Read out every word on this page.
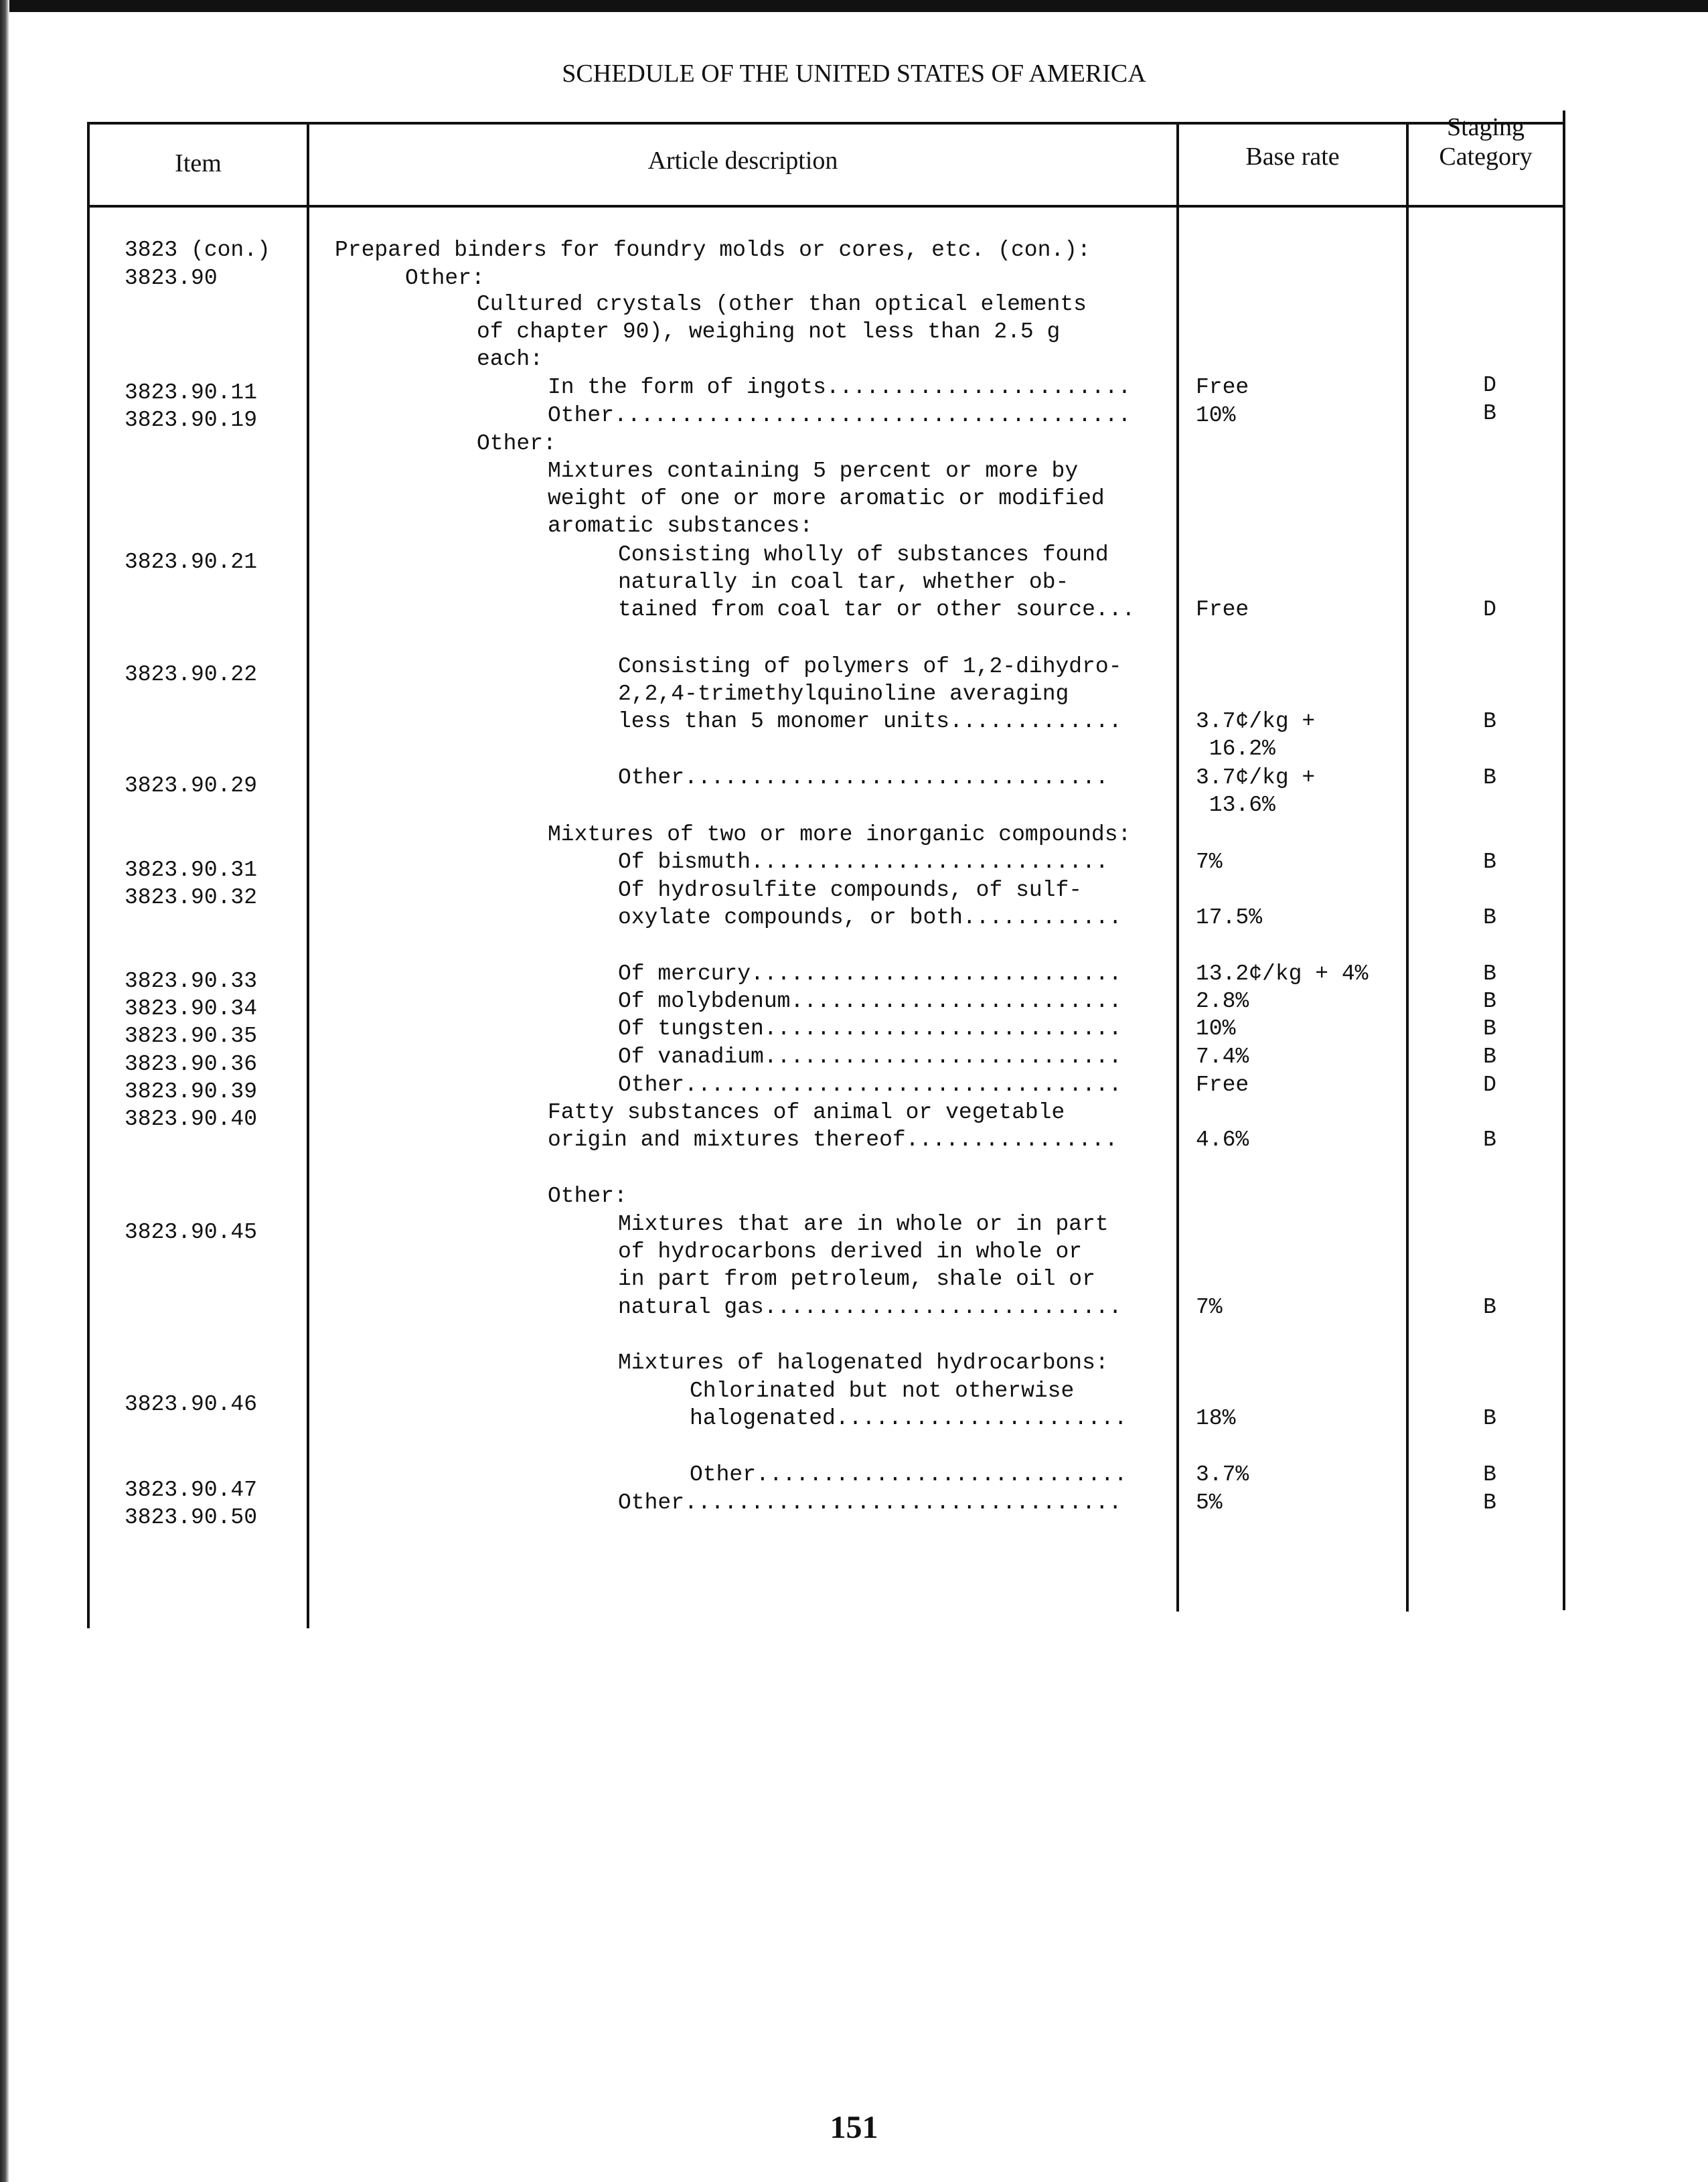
SCHEDULE OF THE UNITED STATES OF AMERICA
Item	Article description	Base rate
Staging Category
3823 (con.)
3823.90
3823.90.11
3823.90.19
3823.90.21
3823.90.22
3823.90.29
3823.90.31
3823.90.32
3823.90.33
3823.90.34
3823.90.35
3823.90.36
3823.90.39
3823.90.40
3823.90.45
3823.90.46
3823.90.47
3823.90.50
Prepared binders for foundry molds or cores, etc. (con.):
Other:
Cultured crystals (other than optical elements
of chapter 90), weighing not less than 2.5 g
each:
In the form of ingots.......................
Other.......................................
Other:
Mixtures containing 5 percent or more by
weight of one or more aromatic or modified
aromatic substances:
Consisting wholly of substances found
naturally in coal tar, whether ob-
tained from coal tar or other source...
Consisting of polymers of 1,2-dihydro-
2,2,4-trimethylquinoline averaging
less than 5 monomer units.............
Other................................
Mixtures of two or more inorganic compounds:
Of bismuth...........................
Of hydrosulfite compounds, of sulf-
oxylate compounds, or both............
Of mercury............................
Of molybdenum.........................
Of tungsten...........................
Of vanadium...........................
Other.................................
Fatty substances of animal or vegetable
origin and mixtures thereof................
Other:
Mixtures that are in whole or in part
of hydrocarbons derived in whole or
in part from petroleum, shale oil or
natural gas...........................
Mixtures of halogenated hydrocarbons:
Chlorinated but not otherwise
halogenated......................
Other............................
Other.................................
Free
10%
Free
3.7¢/kg +
16.2%
3.7¢/kg +
13.6%
7%
17.5%
13.2¢/kg + 4%
2.8%
10%
7.4%
Free
4.6%
7%
18%
3.7%
5%
D
B
D
B
B
B
B
B
B
B
B
D
B
B
B
B
B
151
